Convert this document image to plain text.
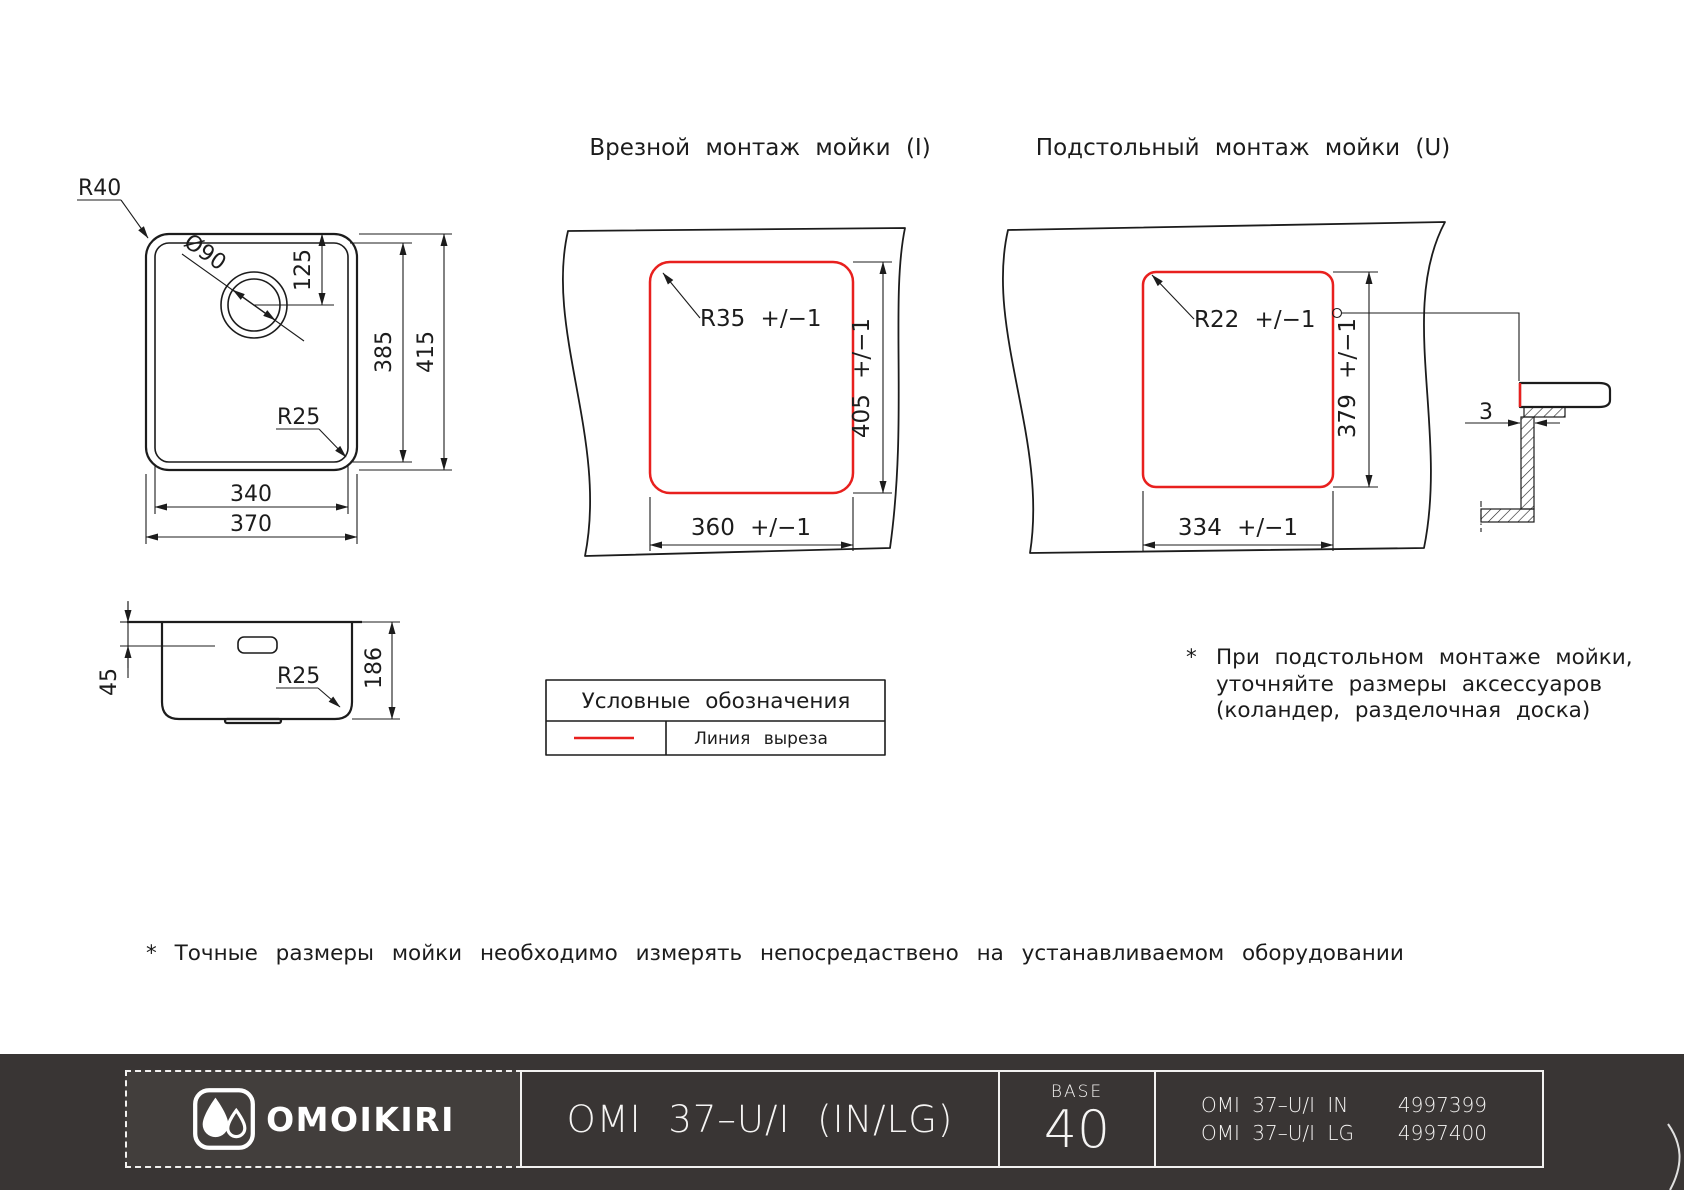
R40
Ø90	125
385 415
R25
340
370
45	186
R25
Врезной монтаж мойки (I)
R35 +/−1 405 +/−1
360 +/−1
Подстольный монтаж мойки (U)
R22 +/−1 379 +/−1
334 +/−1
3
Условные обозначения
Линия выреза
* При подстольном монтаже мойки,
уточняйте размеры аксессуаров
(коландер, разделочная доска)
* Точные размеры мойки необходимо измерять непосредаствено на устанавливаемом оборудовании
OMOIKIRI	OMI 37–U/I (IN/LG)
BASE
40	OMI 37–U/I IN 4997399
OMI 37–U/I LG 4997400
